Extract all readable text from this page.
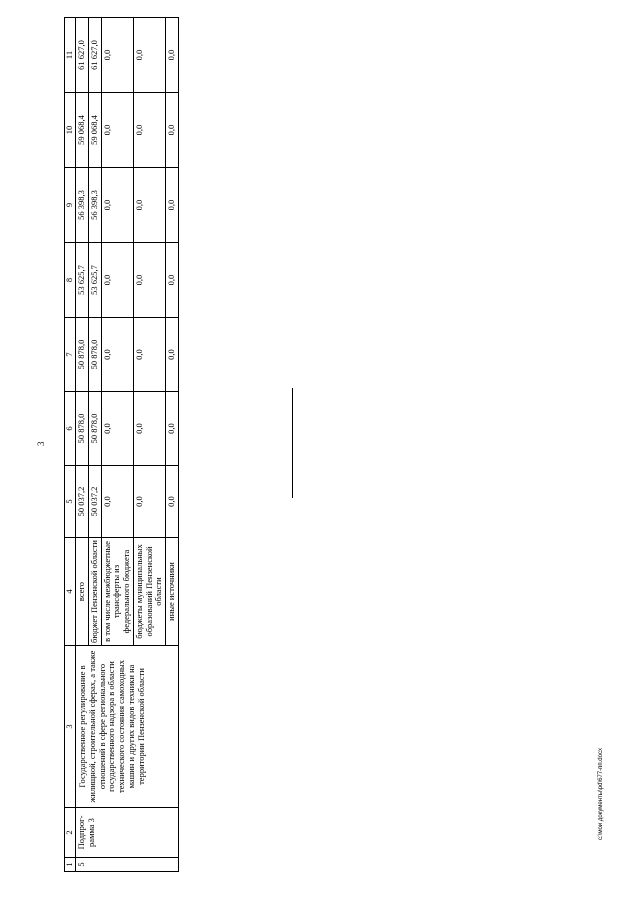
3
1	2	3	4	5	6	7	8	9	10	11
5	Подпрог-рамма 3	Государственное регулирование в жилищной, строительной сферах, а также отношений в сфере регионального государственного надзора в области технического состояния самоходных машин и других видов техники на территории Пензенской области	всего	50 037,2	50 878,0	50 878,0	53 625,7	56 398,3	59 068,4	61 627,0
			бюджет Пензенской области	50 037,2	50 878,0	50 878,0	53 625,7	56 398,3	59 068,4	61 627,0
			в том числе межбюджетные трансферты из федерального бюджета	0,0	0,0	0,0	0,0	0,0	0,0	0,0
			бюджеты муниципальных образований Пензенской области	0,0	0,0	0,0	0,0	0,0	0,0	0,0
			иные источники	0,0	0,0	0,0	0,0	0,0	0,0	0,0
c:\мои документы\pd\677-пп.docx
